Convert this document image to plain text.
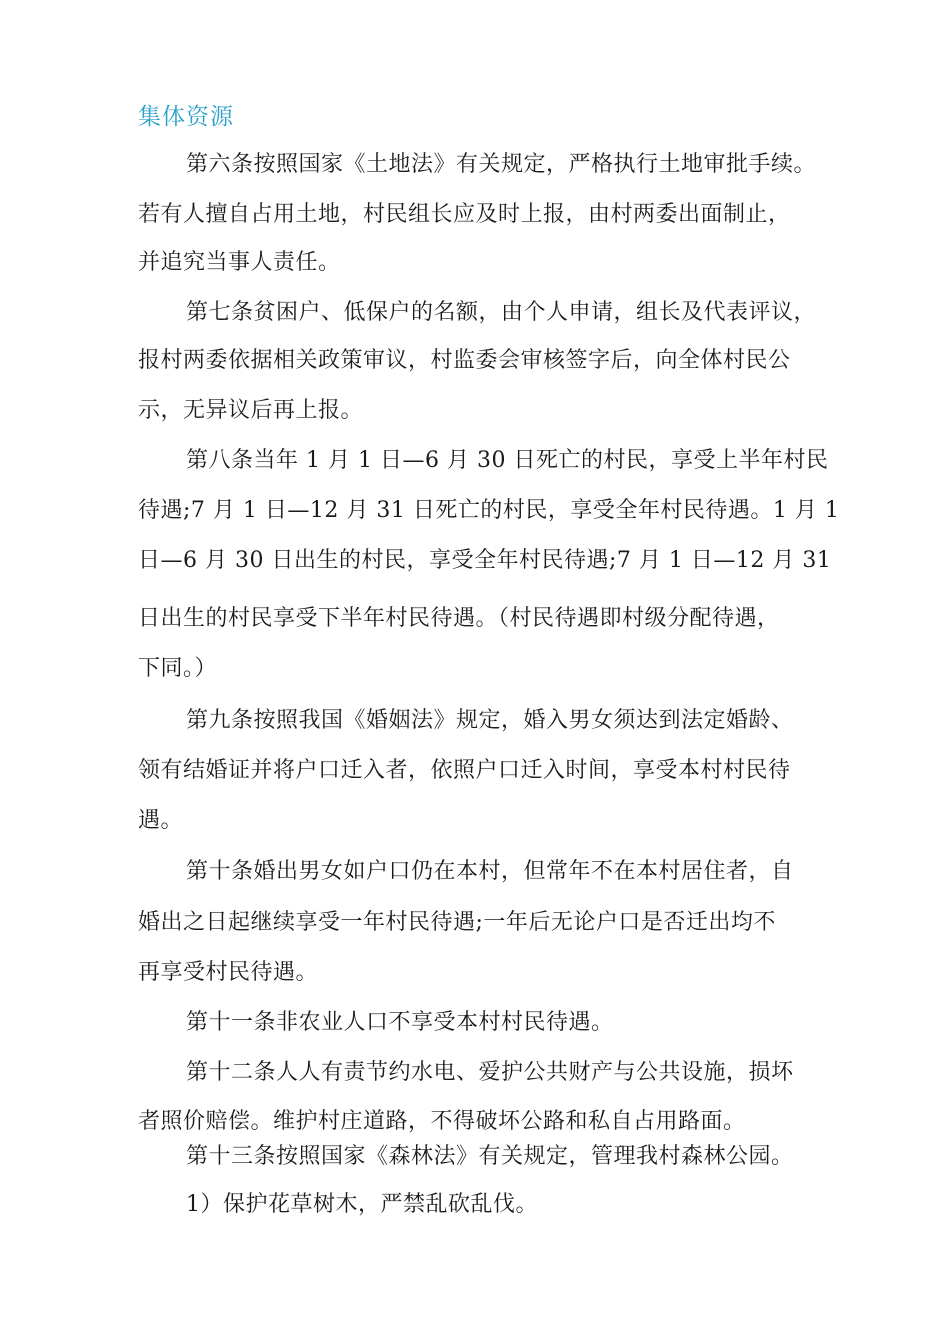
集体资源
第六条按照国家《土地法》有关规定，严格执行土地审批手续。
若有人擅自占用土地，村民组长应及时上报，由村两委出面制止，
并追究当事人责任。
第七条贫困户、低保户的名额，由个人申请，组长及代表评议，
报村两委依据相关政策审议，村监委会审核签字后，向全体村民公
示，无异议后再上报。
第八条当年 1 月 1 日—6 月 30 日死亡的村民，享受上半年村民
待遇;7 月 1 日—12 月 31 日死亡的村民，享受全年村民待遇。1 月 1
日—6 月 30 日出生的村民，享受全年村民待遇;7 月 1 日—12 月 31
日出生的村民享受下半年村民待遇。（村民待遇即村级分配待遇，
下同。）
第九条按照我国《婚姻法》规定，婚入男女须达到法定婚龄、
领有结婚证并将户口迁入者，依照户口迁入时间，享受本村村民待
遇。
第十条婚出男女如户口仍在本村，但常年不在本村居住者，自
婚出之日起继续享受一年村民待遇;一年后无论户口是否迁出均不
再享受村民待遇。
第十一条非农业人口不享受本村村民待遇。
第十二条人人有责节约水电、爱护公共财产与公共设施，损坏
者照价赔偿。维护村庄道路，不得破坏公路和私自占用路面。
第十三条按照国家《森林法》有关规定，管理我村森林公园。
1）保护花草树木，严禁乱砍乱伐。
